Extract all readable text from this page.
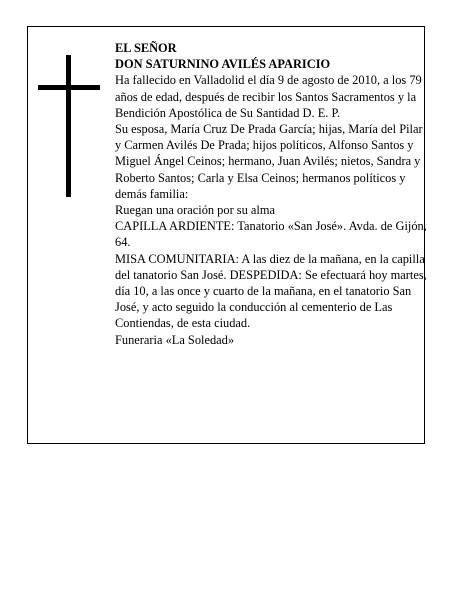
EL SEÑOR

DON SATURNINO AVILÉS APARICIO

Ha fallecido en Valladolid el día 9 de agosto de 2010, a los 79 años de edad, después de recibir los Santos Sacramentos y la Bendición Apostólica de Su Santidad D. E. P.

Su esposa, María Cruz De Prada García; hijas, María del Pilar y Carmen Avilés De Prada; hijos políticos, Alfonso Santos y Miguel Ángel Ceinos; hermano, Juan Avilés; nietos, Sandra y Roberto Santos; Carla y Elsa Ceinos; hermanos políticos y demás familia:

Ruegan una oración por su alma

CAPILLA ARDIENTE: Tanatorio «San José». Avda. de Gijón, 64.

MISA COMUNITARIA: A las diez de la mañana, en la capilla del tanatorio San José. DESPEDIDA: Se efectuará hoy martes, día 10, a las once y cuarto de la mañana, en el tanatorio San José, y acto seguido la conducción al cementerio de Las Contiendas, de esta ciudad.

Funeraria «La Soledad»
